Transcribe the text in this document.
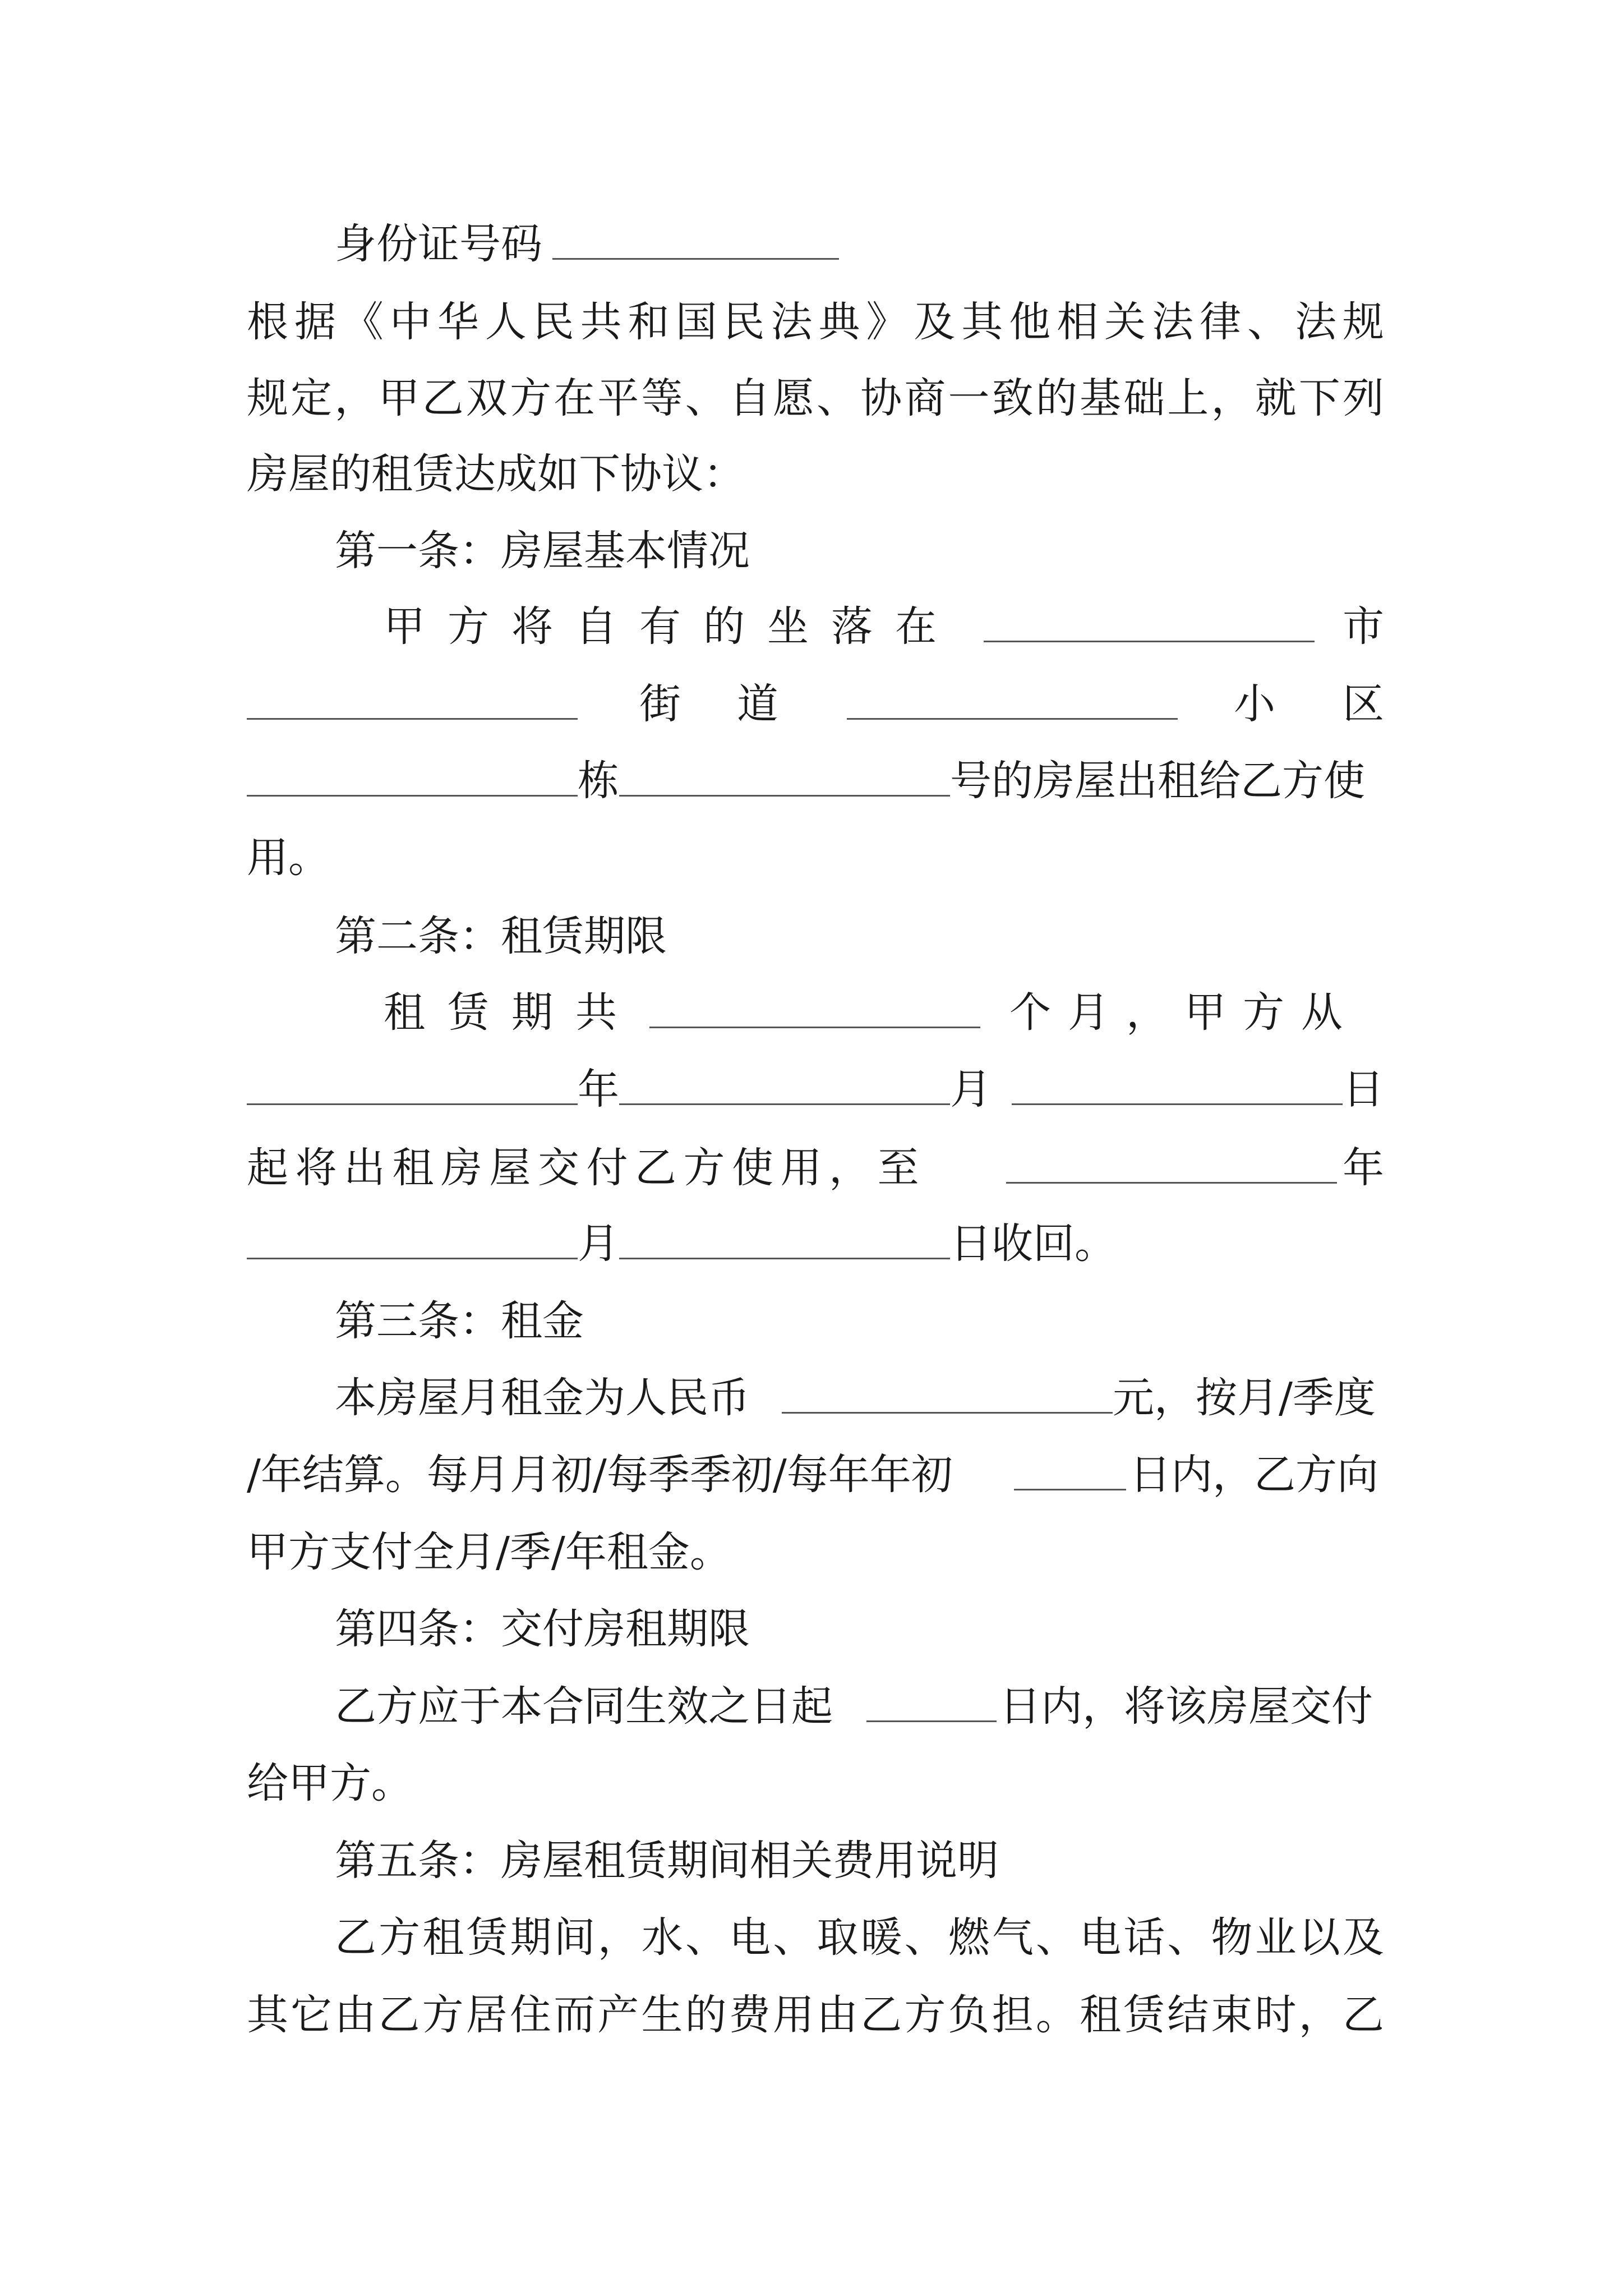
身份证号码
根 据 《 中 华 人 民 共 和 国 民 法 典 》 及 其 他 相 关 法 律 、 法 规
规 定 ， 甲 乙 双 方 在 平 等 、 自 愿 、 协 商 一 致 的 基 础 上 ， 就 下 列
房屋的租赁达成如下协议：
第一条：房屋基本情况
甲方将自有的坐落在	市
街道	小区
栋	号的房屋出租给乙方使
用。
第二条：租赁期限
租赁期共	个月，甲方从
年	月	日
起将出租房屋交付乙方使用，至	年
月	日收回。
第三条：租金
本房屋月租金为人民币	元，按月/季度
/年结算。每月月初/每季季初/每年年初	日内，乙方向
甲方支付全月/季/年租金。
第四条：交付房租期限
乙方应于本合同生效之日起	日内，将该房屋交付
给甲方。
第五条：房屋租赁期间相关费用说明
乙 方 租 赁 期 间 ， 水 、 电 、 取 暖 、 燃 气 、 电 话 、 物 业 以 及
其 它 由 乙 方 居 住 而 产 生 的 费 用 由 乙 方 负 担 。 租 赁 结 束 时 ， 乙
